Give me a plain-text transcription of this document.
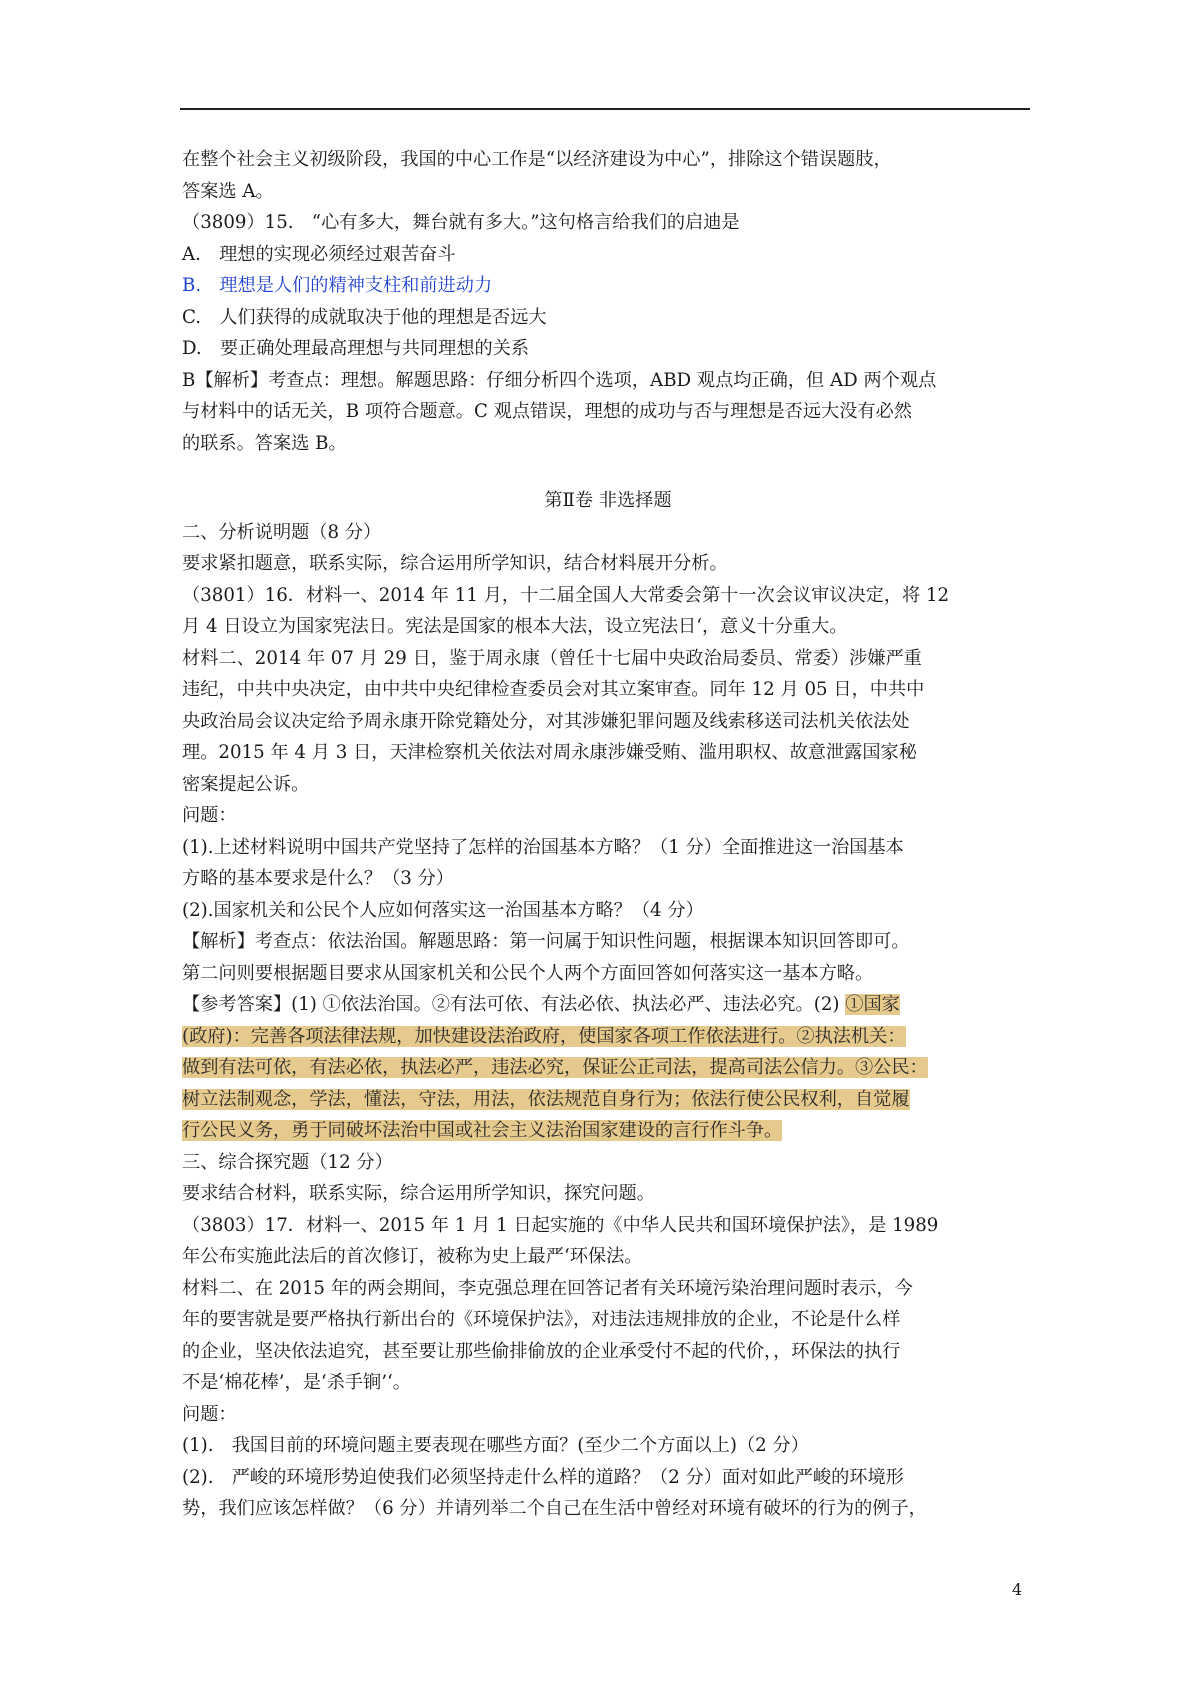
在整个社会主义初级阶段，我国的中心工作是“以经济建设为中心”，排除这个错误题肢，

答案选 A。

（3809）15.　“心有多大，舞台就有多大。”这句格言给我们的启迪是

A.　理想的实现必须经过艰苦奋斗

B.　理想是人们的精神支柱和前进动力

C.　人们获得的成就取决于他的理想是否远大

D.　要正确处理最高理想与共同理想的关系

B【解析】考查点：理想。解题思路：仔细分析四个选项，ABD 观点均正确，但 AD 两个观点

与材料中的话无关，B 项符合题意。C 观点错误，理想的成功与否与理想是否远大没有必然

的联系。答案选 B。

第Ⅱ卷 非选择题

二、分析说明题（8 分）

要求紧扣题意，联系实际，综合运用所学知识，结合材料展开分析。

（3801）16．材料一、2014 年 11 月，十二届全国人大常委会第十一次会议审议决定，将 12

月 4 日设立为国家宪法日。宪法是国家的根本大法，设立宪法日‘，意义十分重大。

材料二、2014 年 07 月 29 日，鉴于周永康（曾任十七届中央政治局委员、常委）涉嫌严重

违纪，中共中央决定，由中共中央纪律检查委员会对其立案审查。同年 12 月 05 日，中共中

央政治局会议决定给予周永康开除党籍处分，对其涉嫌犯罪问题及线索移送司法机关依法处

理。2015 年 4 月 3 日，天津检察机关依法对周永康涉嫌受贿、滥用职权、故意泄露国家秘

密案提起公诉。

问题：

(1).上述材料说明中国共产党坚持了怎样的治国基本方略？（1 分）全面推进这一治国基本

方略的基本要求是什么？（3 分）

(2).国家机关和公民个人应如何落实这一治国基本方略？（4 分）

【解析】考查点：依法治国。解题思路：第一问属于知识性问题，根据课本知识回答即可。

第二问则要根据题目要求从国家机关和公民个人两个方面回答如何落实这一基本方略。

【参考答案】(1) ①依法治国。②有法可依、有法必依、执法必严、违法必究。(2) ①国家

(政府)：完善各项法律法规，加快建设法治政府，使国家各项工作依法进行。②执法机关：

做到有法可依，有法必依，执法必严，违法必究，保证公正司法，提高司法公信力。③公民：

树立法制观念，学法，懂法，守法，用法，依法规范自身行为；依法行使公民权利，自觉履

行公民义务，勇于同破坏法治中国或社会主义法治国家建设的言行作斗争。

三、综合探究题（12 分）

要求结合材料，联系实际，综合运用所学知识，探究问题。

（3803）17．材料一、2015 年 1 月 1 日起实施的《中华人民共和国环境保护法》，是 1989

年公布实施此法后的首次修订，被称为史上最严‘环保法。

材料二、在 2015 年的两会期间，李克强总理在回答记者有关环境污染治理问题时表示，今

年的要害就是要严格执行新出台的《环境保护法》，对违法违规排放的企业，不论是什么样

的企业，坚决依法追究，甚至要让那些偷排偷放的企业承受付不起的代价，，环保法的执行

不是‘棉花棒’，是‘杀手锏’‘。

问题：

(1).　我国目前的环境问题主要表现在哪些方面？(至少二个方面以上)（2 分）

(2).　严峻的环境形势迫使我们必须坚持走什么样的道路？（2 分）面对如此严峻的环境形

势，我们应该怎样做？（6 分）并请列举二个自己在生活中曾经对环境有破坏的行为的例子，

4
